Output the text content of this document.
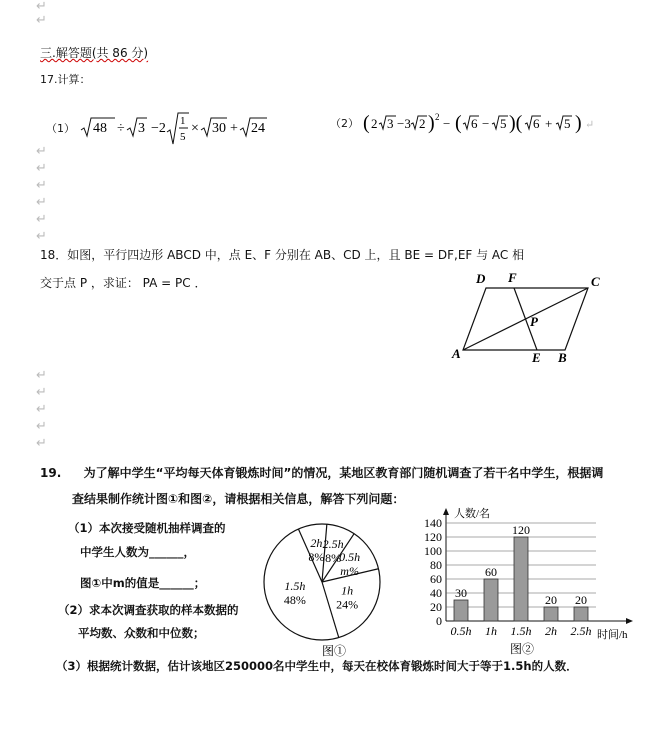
↵
↵
↵
↵
↵
↵
↵
↵
↵
↵
↵
↵
↵
三.解答题(共 86 分)
17.计算：
（1） 48 ÷ 3 −2 1
5
× 30 + 24	（2） ( 2 3 −3 2 ) 2 − ( 6 − 5 )( 6 + 5 ) ↵
18．如图，平行四边形 ABCD 中，点 E、F 分别在 AB、CD 上，且 BE = DF,EF 与 AC 相
交于点 P ，求证： PA = PC ．
A	B
C
D
E
F
P
19. 为了解中学生“平均每天体育锻炼时间”的情况，某地区教育部门随机调查了若干名中学生，根据调
查结果制作统计图①和图②，请根据相关信息，解答下列问题：
（1）本次接受随机抽样调查的
中学生人数为______，
图①中m的值是______；
（2）求本次调查获取的样本数据的
平均数、众数和中位数；
（3）根据统计数据，估计该地区250000名中学生中，每天在校体育锻炼时间大于等于1.5h的人数．
2h
8%
2.5h
8%
0.5h
m%
1h
24%
1.5h
48%
图①
0
20
40
60
80
100
120
140
30
0.5h
60
1h
120
1.5h
20
2h
20
2.5h
人数/名
时间/h
图②
